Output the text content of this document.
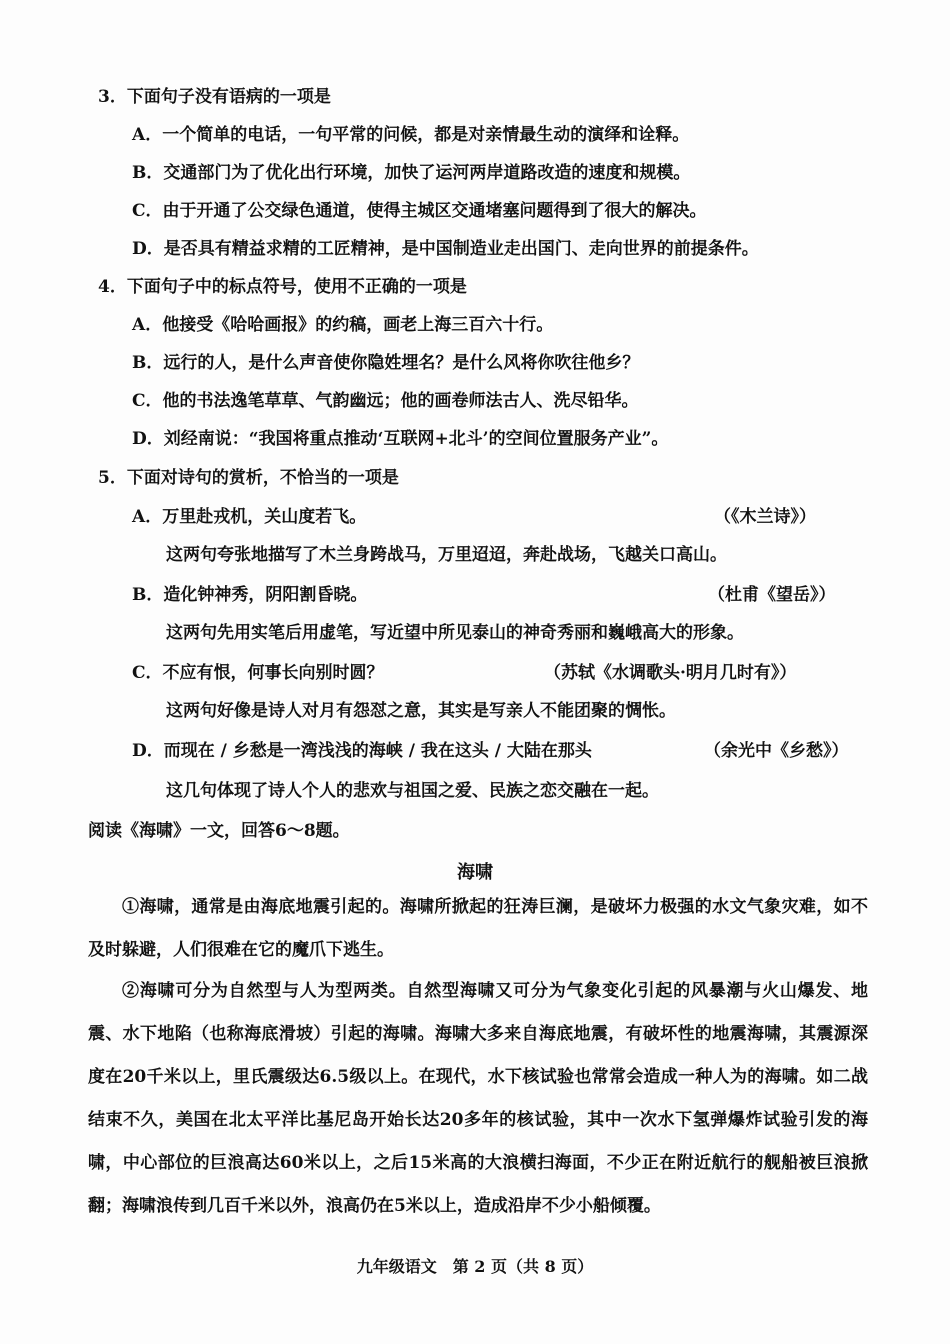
3．下面句子没有语病的一项是
A．一个简单的电话，一句平常的问候，都是对亲情最生动的演绎和诠释。
B．交通部门为了优化出行环境，加快了运河两岸道路改造的速度和规模。
C．由于开通了公交绿色通道，使得主城区交通堵塞问题得到了很大的解决。
D．是否具有精益求精的工匠精神，是中国制造业走出国门、走向世界的前提条件。
4．下面句子中的标点符号，使用不正确的一项是
A．他接受《哈哈画报》的约稿，画老上海三百六十行。
B．远行的人，是什么声音使你隐姓埋名？是什么风将你吹往他乡？
C．他的书法逸笔草草、气韵幽远；他的画卷师法古人、洗尽铅华。
D．刘经南说：“我国将重点推动‘互联网+北斗’的空间位置服务产业”。
5．下面对诗句的赏析，不恰当的一项是
A．万里赴戎机，关山度若飞。	（《木兰诗》）
这两句夸张地描写了木兰身跨战马，万里迢迢，奔赴战场，飞越关口高山。
B．造化钟神秀，阴阳割昏晓。	（杜甫《望岳》）
这两句先用实笔后用虚笔，写近望中所见泰山的神奇秀丽和巍峨高大的形象。
C．不应有恨，何事长向别时圆？	（苏轼《水调歌头·明月几时有》）
这两句好像是诗人对月有怨怼之意，其实是写亲人不能团聚的惆怅。
D．而现在 / 乡愁是一湾浅浅的海峡 / 我在这头 / 大陆在那头	（余光中《乡愁》）
这几句体现了诗人个人的悲欢与祖国之爱、民族之恋交融在一起。
阅读《海啸》一文，回答6～8题。
海啸
①海啸，通常是由海底地震引起的。海啸所掀起的狂涛巨澜，是破坏力极强的水文气象灾难，如不及时躲避，人们很难在它的魔爪下逃生。
②海啸可分为自然型与人为型两类。自然型海啸又可分为气象变化引起的风暴潮与火山爆发、地震、水下地陷（也称海底滑坡）引起的海啸。海啸大多来自海底地震，有破坏性的地震海啸，其震源深度在20千米以上，里氏震级达6.5级以上。在现代，水下核试验也常常会造成一种人为的海啸。如二战结束不久，美国在北太平洋比基尼岛开始长达20多年的核试验，其中一次水下氢弹爆炸试验引发的海啸，中心部位的巨浪高达60米以上，之后15米高的大浪横扫海面，不少正在附近航行的舰船被巨浪掀翻；海啸浪传到几百千米以外，浪高仍在5米以上，造成沿岸不少小船倾覆。
九年级语文　第 2 页（共 8 页）
